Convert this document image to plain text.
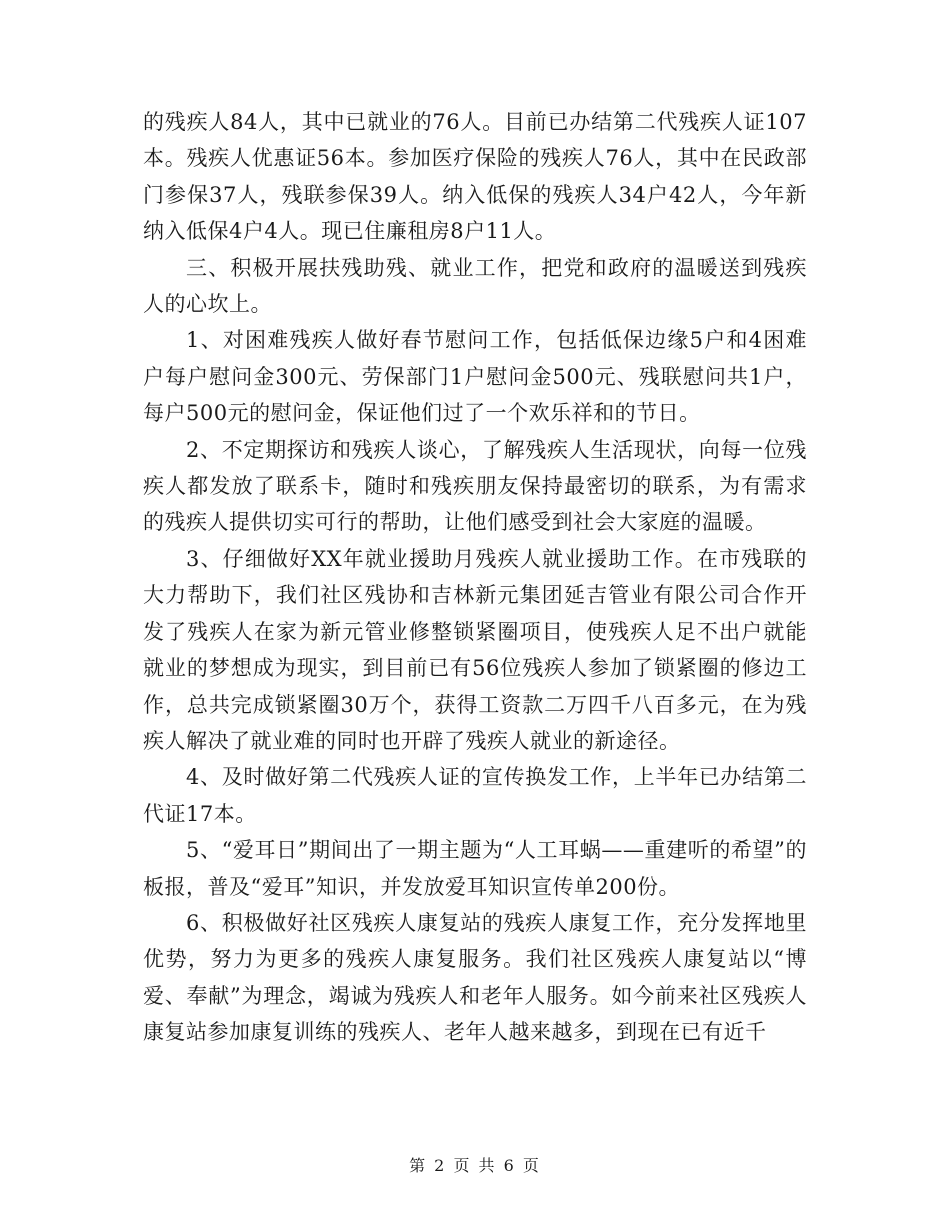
的残疾人84人，其中已就业的76人。目前已办结第二代残疾人证107本。残疾人优惠证56本。参加医疗保险的残疾人76人，其中在民政部门参保37人，残联参保39人。纳入低保的残疾人34户42人，今年新纳入低保4户4人。现已住廉租房8户11人。

三、积极开展扶残助残、就业工作，把党和政府的温暖送到残疾人的心坎上。

1、对困难残疾人做好春节慰问工作，包括低保边缘5户和4困难户每户慰问金300元、劳保部门1户慰问金500元、残联慰问共1户，每户500元的慰问金，保证他们过了一个欢乐祥和的节日。

2、不定期探访和残疾人谈心，了解残疾人生活现状，向每一位残疾人都发放了联系卡，随时和残疾朋友保持最密切的联系，为有需求的残疾人提供切实可行的帮助，让他们感受到社会大家庭的温暖。

3、仔细做好XX年就业援助月残疾人就业援助工作。在市残联的大力帮助下，我们社区残协和吉林新元集团延吉管业有限公司合作开发了残疾人在家为新元管业修整锁紧圈项目，使残疾人足不出户就能就业的梦想成为现实，到目前已有56位残疾人参加了锁紧圈的修边工作，总共完成锁紧圈30万个，获得工资款二万四千八百多元，在为残疾人解决了就业难的同时也开辟了残疾人就业的新途径。

4、及时做好第二代残疾人证的宣传换发工作，上半年已办结第二代证17本。

5、“爱耳日”期间出了一期主题为“人工耳蜗——重建听的希望”的板报，普及“爱耳”知识，并发放爱耳知识宣传单200份。

6、积极做好社区残疾人康复站的残疾人康复工作，充分发挥地里优势，努力为更多的残疾人康复服务。我们社区残疾人康复站以“博爱、奉献”为理念，竭诚为残疾人和老年人服务。如今前来社区残疾人康复站参加康复训练的残疾人、老年人越来越多，到现在已有近千

第 2 页 共 6 页
